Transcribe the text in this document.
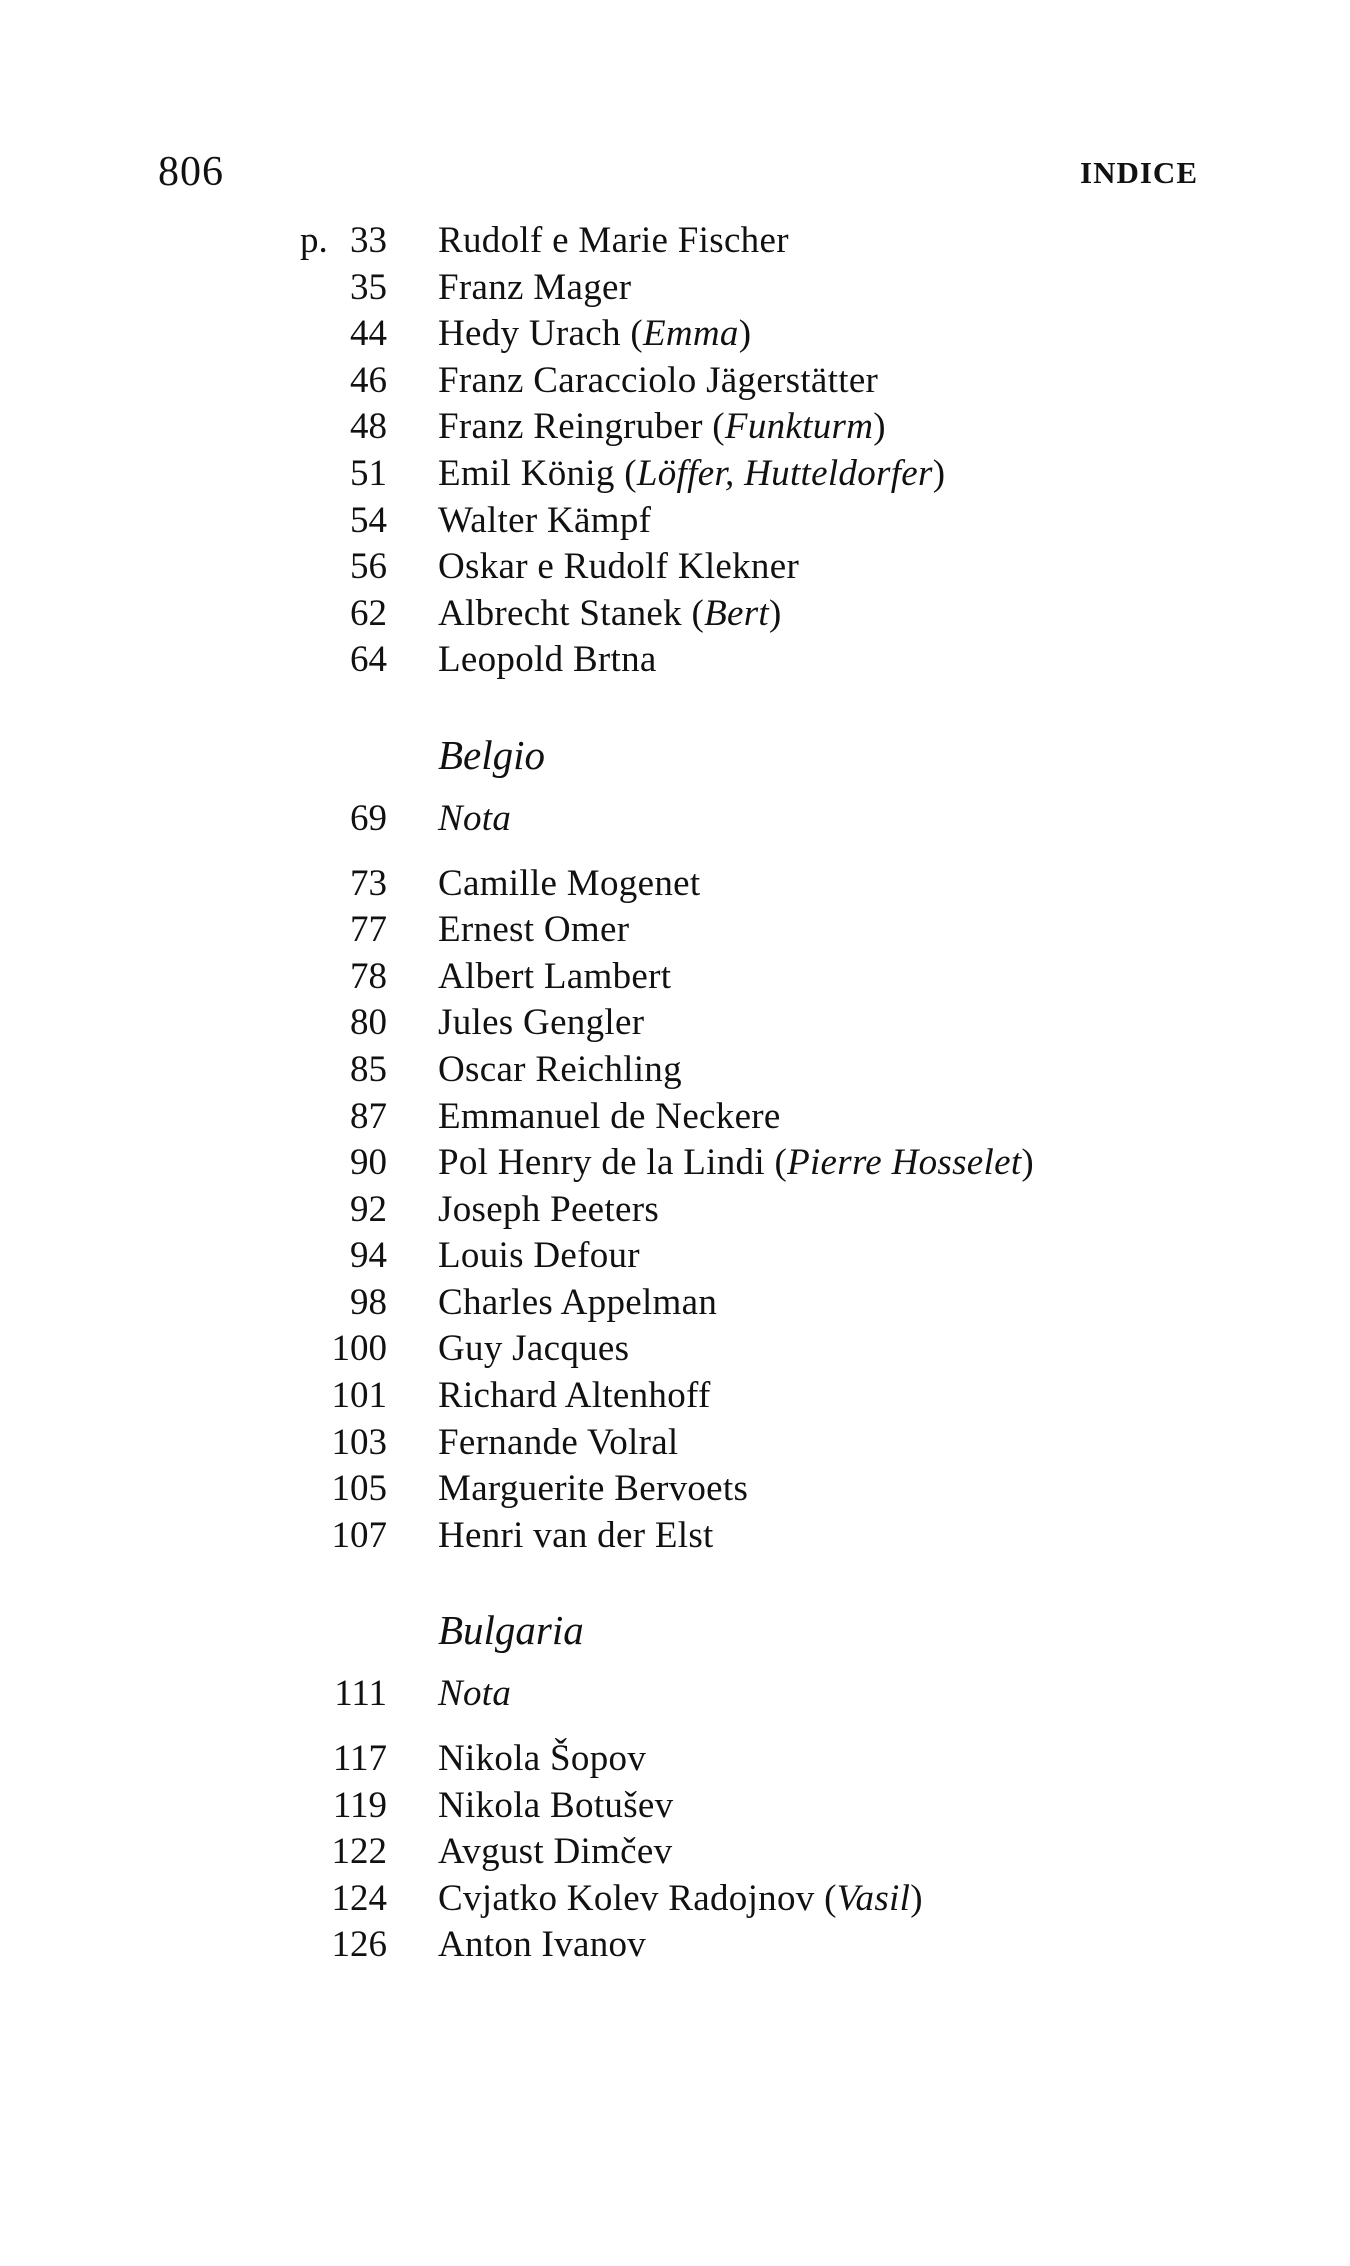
806	INDICE
p. 33 Rudolf e Marie Fischer
35 Franz Mager
44 Hedy Urach (Emma)
46 Franz Caracciolo Jägerstätter
48 Franz Reingruber (Funkturm)
51 Emil König (Löffer, Hutteldorfer)
54 Walter Kämpf
56 Oskar e Rudolf Klekner
62 Albrecht Stanek (Bert)
64 Leopold Brtna
Belgio
69 Nota
73 Camille Mogenet
77 Ernest Omer
78 Albert Lambert
80 Jules Gengler
85 Oscar Reichling
87 Emmanuel de Neckere
90 Pol Henry de la Lindi (Pierre Hosselet)
92 Joseph Peeters
94 Louis Defour
98 Charles Appelman
100 Guy Jacques
101 Richard Altenhoff
103 Fernande Volral
105 Marguerite Bervoets
107 Henri van der Elst
Bulgaria
111 Nota
117 Nikola Šopov
119 Nikola Botušev
122 Avgust Dimčev
124 Cvjatko Kolev Radojnov (Vasil)
126 Anton Ivanov
